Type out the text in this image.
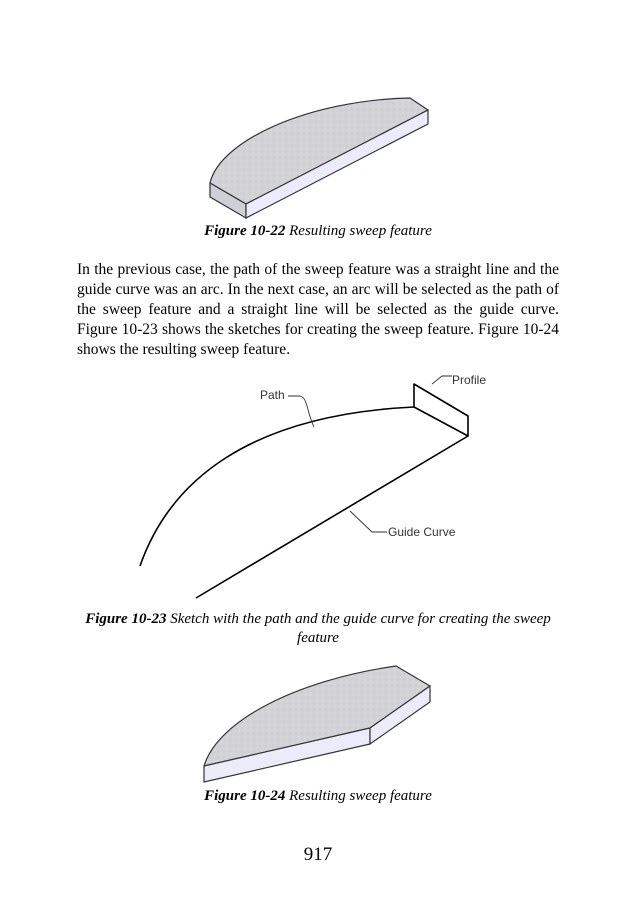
Figure 10-22 Resulting sweep feature
In the previous case, the path of the sweep feature was a straight line and the guide curve was an arc. In the next case, an arc will be selected as the path of the sweep feature and a straight line will be selected as the guide curve. Figure 10-23 shows the sketches for creating the sweep feature. Figure 10-24 shows the resulting sweep feature.
Path
Profile
Guide Curve
Figure 10-23 Sketch with the path and the guide curve for creating the sweep feature
Figure 10-24 Resulting sweep feature
917
